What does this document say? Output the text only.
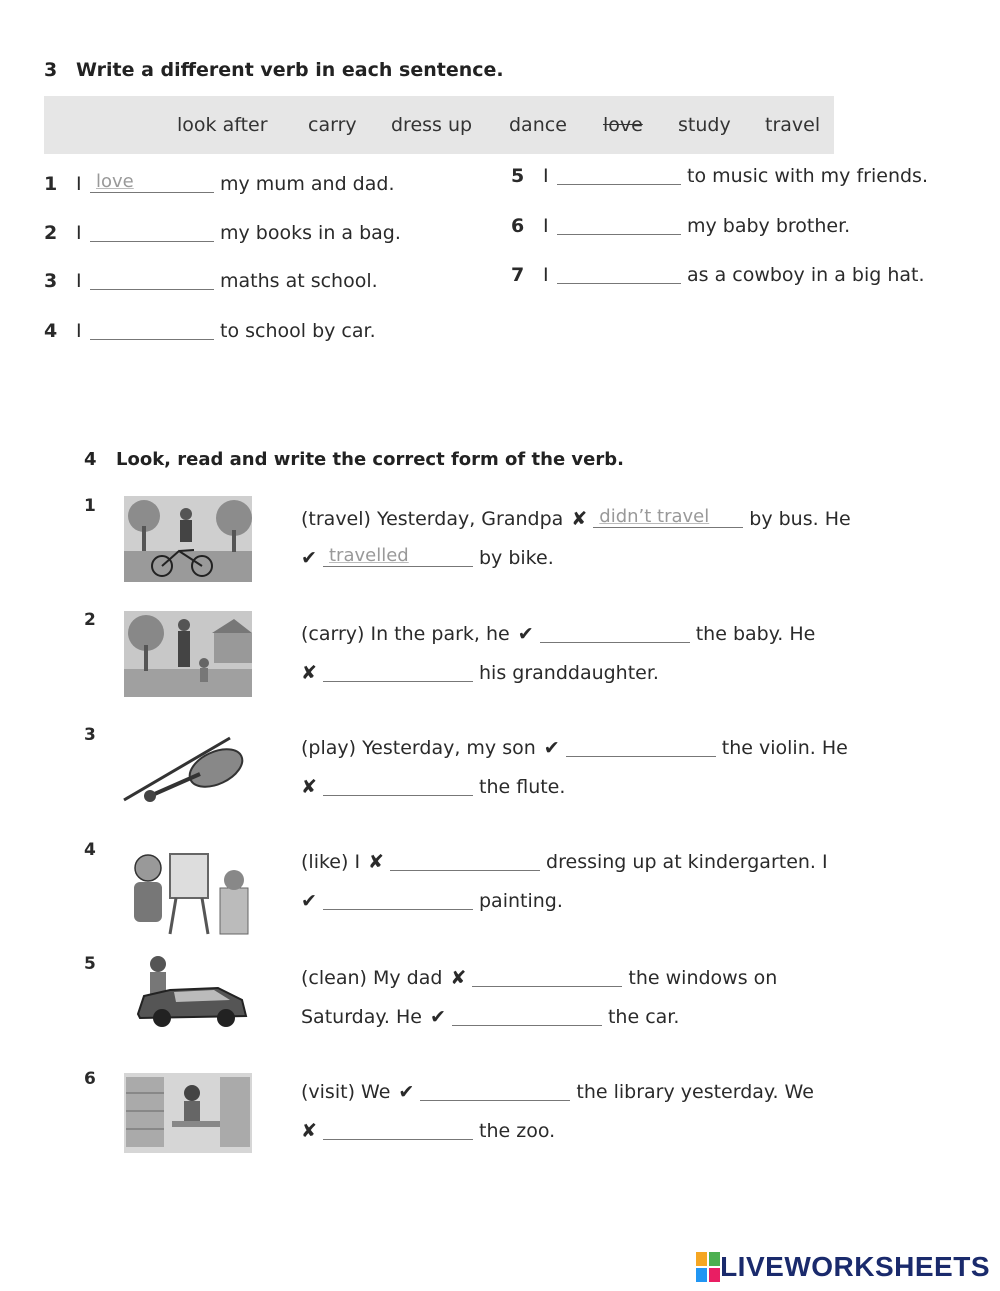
3 Write a different verb in each sentence.
look after carry dress up dance love study travel
1 I
love	my mum and dad.
2 I	my books in a bag.
3 I	maths at school.
4 I	to school by car.
5 I	to music with my friends.
6 I	my baby brother.
7 I	as a cowboy in a big hat.
4 Look, read and write the correct form of the verb.
1
(travel) Yesterday, Grandpa ✘
didn’t travel	by bus. He
✔
travelled	by bike.
2
(carry) In the park, he ✔	the baby. He
✘	his granddaughter.
3
(play) Yesterday, my son ✔	the violin. He
✘	the flute.
4
(like) I ✘	dressing up at kindergarten. I
✔	painting.
5
(clean) My dad ✘	the windows on
Saturday. He ✔	the car.
6
(visit) We ✔	the library yesterday. We
✘	the zoo.
LIVEWORKSHEETS
